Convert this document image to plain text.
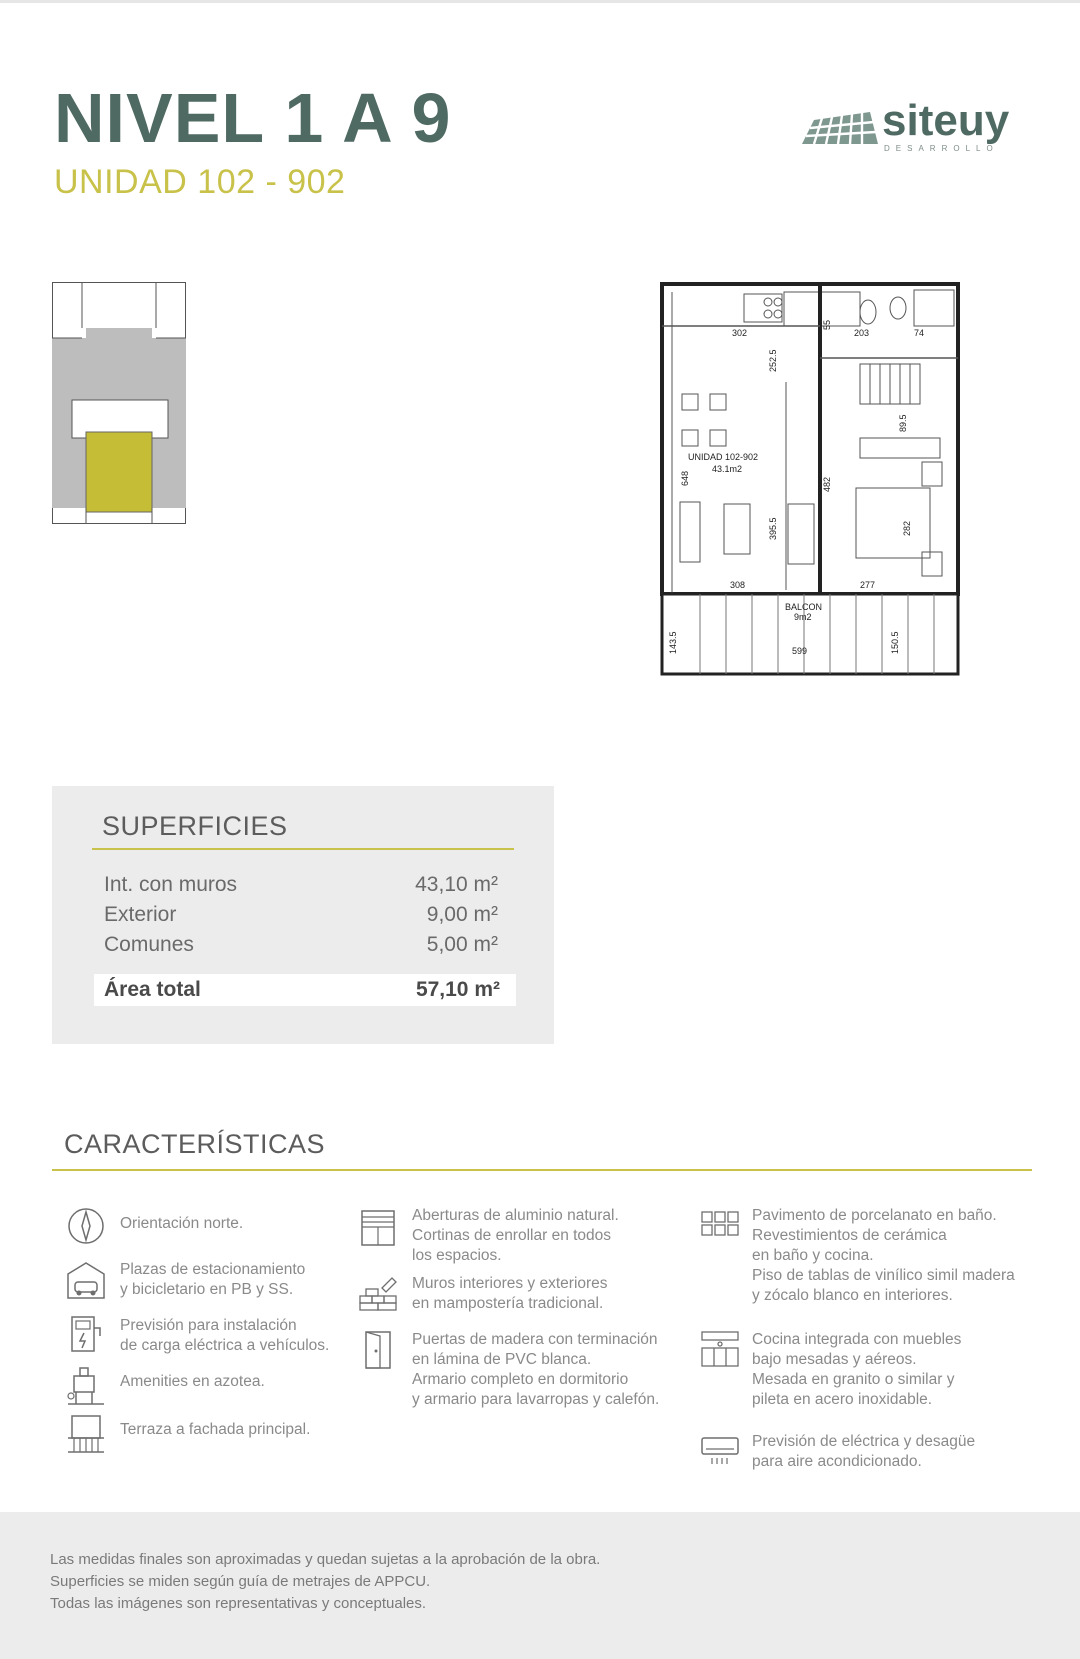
NIVEL 1 A 9
UNIDAD 102 - 902
siteuy
DESARROLLO
UNIDAD 102-902
43.1m2
BALCON
9m2
302	203	74
55
252.5
89.5
648	482
395.5	282
308	277
143.5	150.5
599
SUPERFICIES
Int. con muros	43,10 m²
Exterior	9,00 m²
Comunes	5,00 m²
Área total	57,10 m²
CARACTERÍSTICAS
Orientación norte.
Plazas de estacionamiento
y bicicletario en PB y SS.
Previsión para instalación
de carga eléctrica a vehículos.
Amenities en azotea.
Terraza a fachada principal.
Aberturas de aluminio natural.
Cortinas de enrollar en todos
los espacios.
Muros interiores y exteriores
en mampostería tradicional.
Puertas de madera con terminación
en lámina de PVC blanca.
Armario completo en dormitorio
y armario para lavarropas y calefón.
Pavimento de porcelanato en baño.
Revestimientos de cerámica
en baño y cocina.
Piso de tablas de vinílico simil madera
y zócalo blanco en interiores.
Cocina integrada con muebles
bajo mesadas y aéreos.
Mesada en granito o similar y
pileta en acero inoxidable.
Previsión de eléctrica y desagüe
para aire acondicionado.
Las medidas finales son aproximadas y quedan sujetas a la aprobación de la obra.
Superficies se miden según guía de metrajes de APPCU.
Todas las imágenes son representativas y conceptuales.
